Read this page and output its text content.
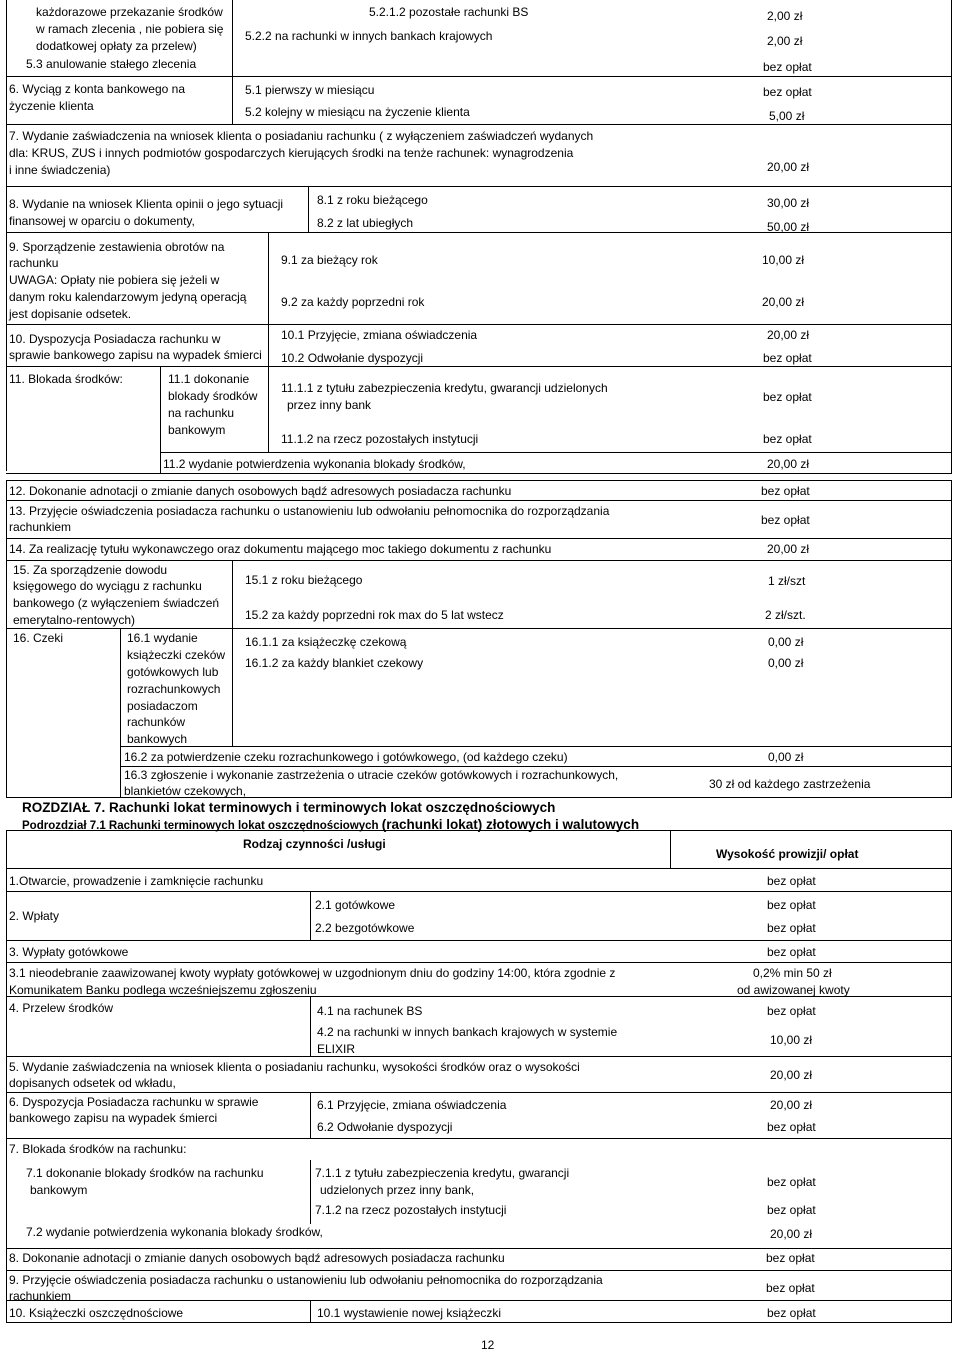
każdorazowe przekazanie środków
w ramach zlecenia , nie pobiera się
dodatkowej opłaty za przelew)
5.2.1.2 pozostałe rachunki BS	2,00 zł
5.2.2 na rachunki w innych bankach krajowych	2,00 zł
5.3 anulowanie stałego zlecenia	bez opłat
6. Wyciąg z konta bankowego na
życzenie klienta
5.1 pierwszy w miesiącu	bez opłat
5.2 kolejny w miesiącu na życzenie klienta	5,00 zł
7. Wydanie zaświadczenia na wniosek klienta o posiadaniu rachunku ( z wyłączeniem zaświadczeń wydanych
dla: KRUS, ZUS i innych podmiotów gospodarczych kierujących środki na tenże rachunek: wynagrodzenia
i inne świadczenia)	20,00 zł
8. Wydanie na wniosek Klienta opinii o jego sytuacji
finansowej w oparciu o dokumenty,
8.1 z roku bieżącego	30,00 zł
8.2 z lat ubiegłych	50,00 zł
9. Sporządzenie zestawienia obrotów na
rachunku
UWAGA: Opłaty nie pobiera się jeżeli w
danym roku kalendarzowym jedyną operacją
jest dopisanie odsetek.
9.1 za bieżący rok	10,00 zł
9.2 za każdy poprzedni rok	20,00 zł
10. Dyspozycja Posiadacza rachunku w
sprawie bankowego zapisu na wypadek śmierci
10.1 Przyjęcie, zmiana oświadczenia	20,00 zł
10.2 Odwołanie dyspozycji	bez opłat
11. Blokada środków:	11.1 dokonanie
blokady środków
na rachunku
bankowym
11.1.1 z tytułu zabezpieczenia kredytu, gwarancji udzielonych
przez inny bank
bez opłat
11.1.2 na rzecz pozostałych instytucji	bez opłat
11.2 wydanie potwierdzenia wykonania blokady środków,	20,00 zł
12. Dokonanie adnotacji o zmianie danych osobowych bądź adresowych posiadacza rachunku	bez opłat
13. Przyjęcie oświadczenia posiadacza rachunku o ustanowieniu lub odwołaniu pełnomocnika do rozporządzania
rachunkiem	bez opłat
14. Za realizację tytułu wykonawczego oraz dokumentu mającego moc takiego dokumentu z rachunku	20,00 zł
15. Za sporządzenie dowodu
księgowego do wyciągu z rachunku
bankowego (z wyłączeniem świadczeń
emerytalno-rentowych)
15.1 z roku bieżącego	1 zł/szt
15.2 za każdy poprzedni rok max do 5 lat wstecz	2 zł/szt.
16. Czeki	16.1 wydanie
książeczki czeków
gotówkowych lub
rozrachunkowych
posiadaczom
rachunków
bankowych
16.1.1 za książeczkę czekową	0,00 zł
16.1.2 za każdy blankiet czekowy	0,00 zł
16.2 za potwierdzenie czeku rozrachunkowego i gotówkowego, (od każdego czeku)	0,00 zł
16.3 zgłoszenie i wykonanie zastrzeżenia o utracie czeków gotówkowych i rozrachunkowych,
blankietów czekowych,	30 zł od każdego zastrzeżenia
ROZDZIAŁ 7. Rachunki lokat terminowych i terminowych lokat oszczędnościowych
Podrozdział 7.1 Rachunki terminowych lokat oszczędnościowych (rachunki lokat) złotowych i walutowych
Rodzaj czynności /usługi
Wysokość prowizji/ opłat
1.Otwarcie, prowadzenie i zamknięcie rachunku	bez opłat
2. Wpłaty
2.1 gotówkowe	bez opłat
2.2 bezgotówkowe	bez opłat
3. Wypłaty gotówkowe	bez opłat
3.1 nieodebranie zaawizowanej kwoty wypłaty gotówkowej w uzgodnionym dniu do godziny 14:00, która zgodnie z
Komunikatem Banku podlega wcześniejszemu zgłoszeniu
0,2% min 50 zł
od awizowanej kwoty
4. Przelew środków	4.1 na rachunek BS	bez opłat
4.2 na rachunki w innych bankach krajowych w systemie
ELIXIR
10,00 zł
5. Wydanie zaświadczenia na wniosek klienta o posiadaniu rachunku, wysokości środków oraz o wysokości
dopisanych odsetek od wkładu,
20,00 zł
6. Dyspozycja Posiadacza rachunku w sprawie
bankowego zapisu na wypadek śmierci
6.1 Przyjęcie, zmiana oświadczenia	20,00 zł
6.2 Odwołanie dyspozycji	bez opłat
7. Blokada środków na rachunku:
7.1 dokonanie blokady środków na rachunku
bankowym
7.1.1 z tytułu zabezpieczenia kredytu, gwarancji
udzielonych przez inny bank,
bez opłat
7.1.2 na rzecz pozostałych instytucji	bez opłat
7.2 wydanie potwierdzenia wykonania blokady środków,	20,00 zł
8. Dokonanie adnotacji o zmianie danych osobowych bądź adresowych posiadacza rachunku	bez opłat
9. Przyjęcie oświadczenia posiadacza rachunku o ustanowieniu lub odwołaniu pełnomocnika do rozporządzania
rachunkiem
bez opłat
10. Książeczki oszczędnościowe	10.1 wystawienie nowej książeczki	bez opłat
12
